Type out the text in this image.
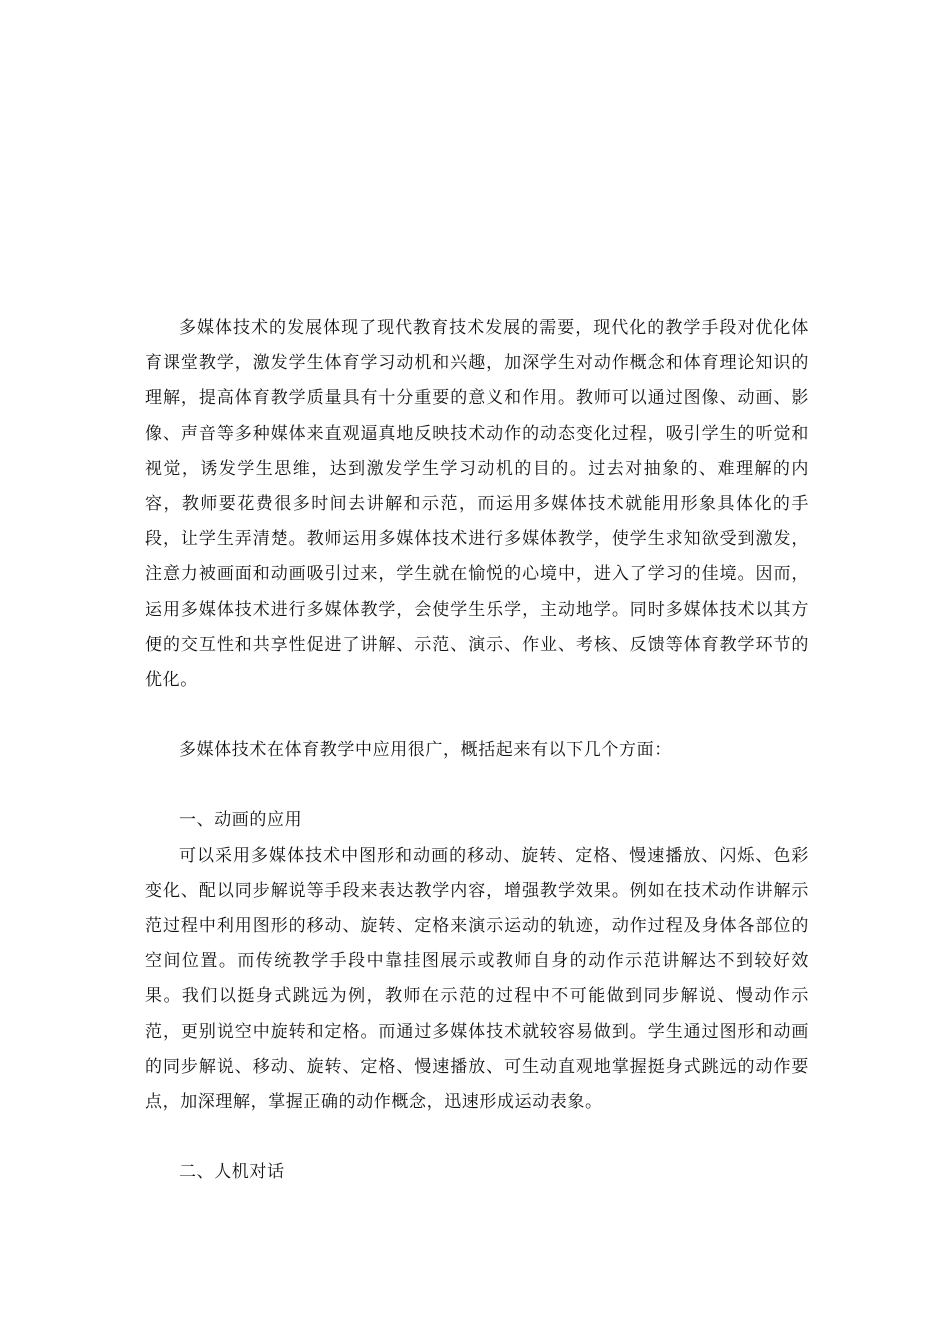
多媒体技术的发展体现了现代教育技术发展的需要，现代化的教学手段对优化体育课堂教学，激发学生体育学习动机和兴趣，加深学生对动作概念和体育理论知识的理解，提高体育教学质量具有十分重要的意义和作用。教师可以通过图像、动画、影像、声音等多种媒体来直观逼真地反映技术动作的动态变化过程，吸引学生的听觉和视觉，诱发学生思维，达到激发学生学习动机的目的。过去对抽象的、难理解的内容，教师要花费很多时间去讲解和示范，而运用多媒体技术就能用形象具体化的手段，让学生弄清楚。教师运用多媒体技术进行多媒体教学，使学生求知欲受到激发，注意力被画面和动画吸引过来，学生就在愉悦的心境中，进入了学习的佳境。因而，运用多媒体技术进行多媒体教学，会使学生乐学，主动地学。同时多媒体技术以其方便的交互性和共享性促进了讲解、示范、演示、作业、考核、反馈等体育教学环节的优化。

多媒体技术在体育教学中应用很广，概括起来有以下几个方面：

一、动画的应用

可以采用多媒体技术中图形和动画的移动、旋转、定格、慢速播放、闪烁、色彩变化、配以同步解说等手段来表达教学内容，增强教学效果。例如在技术动作讲解示范过程中利用图形的移动、旋转、定格来演示运动的轨迹，动作过程及身体各部位的空间位置。而传统教学手段中靠挂图展示或教师自身的动作示范讲解达不到较好效果。我们以挺身式跳远为例，教师在示范的过程中不可能做到同步解说、慢动作示范，更别说空中旋转和定格。而通过多媒体技术就较容易做到。学生通过图形和动画的同步解说、移动、旋转、定格、慢速播放、可生动直观地掌握挺身式跳远的动作要点，加深理解，掌握正确的动作概念，迅速形成运动表象。

二、人机对话
